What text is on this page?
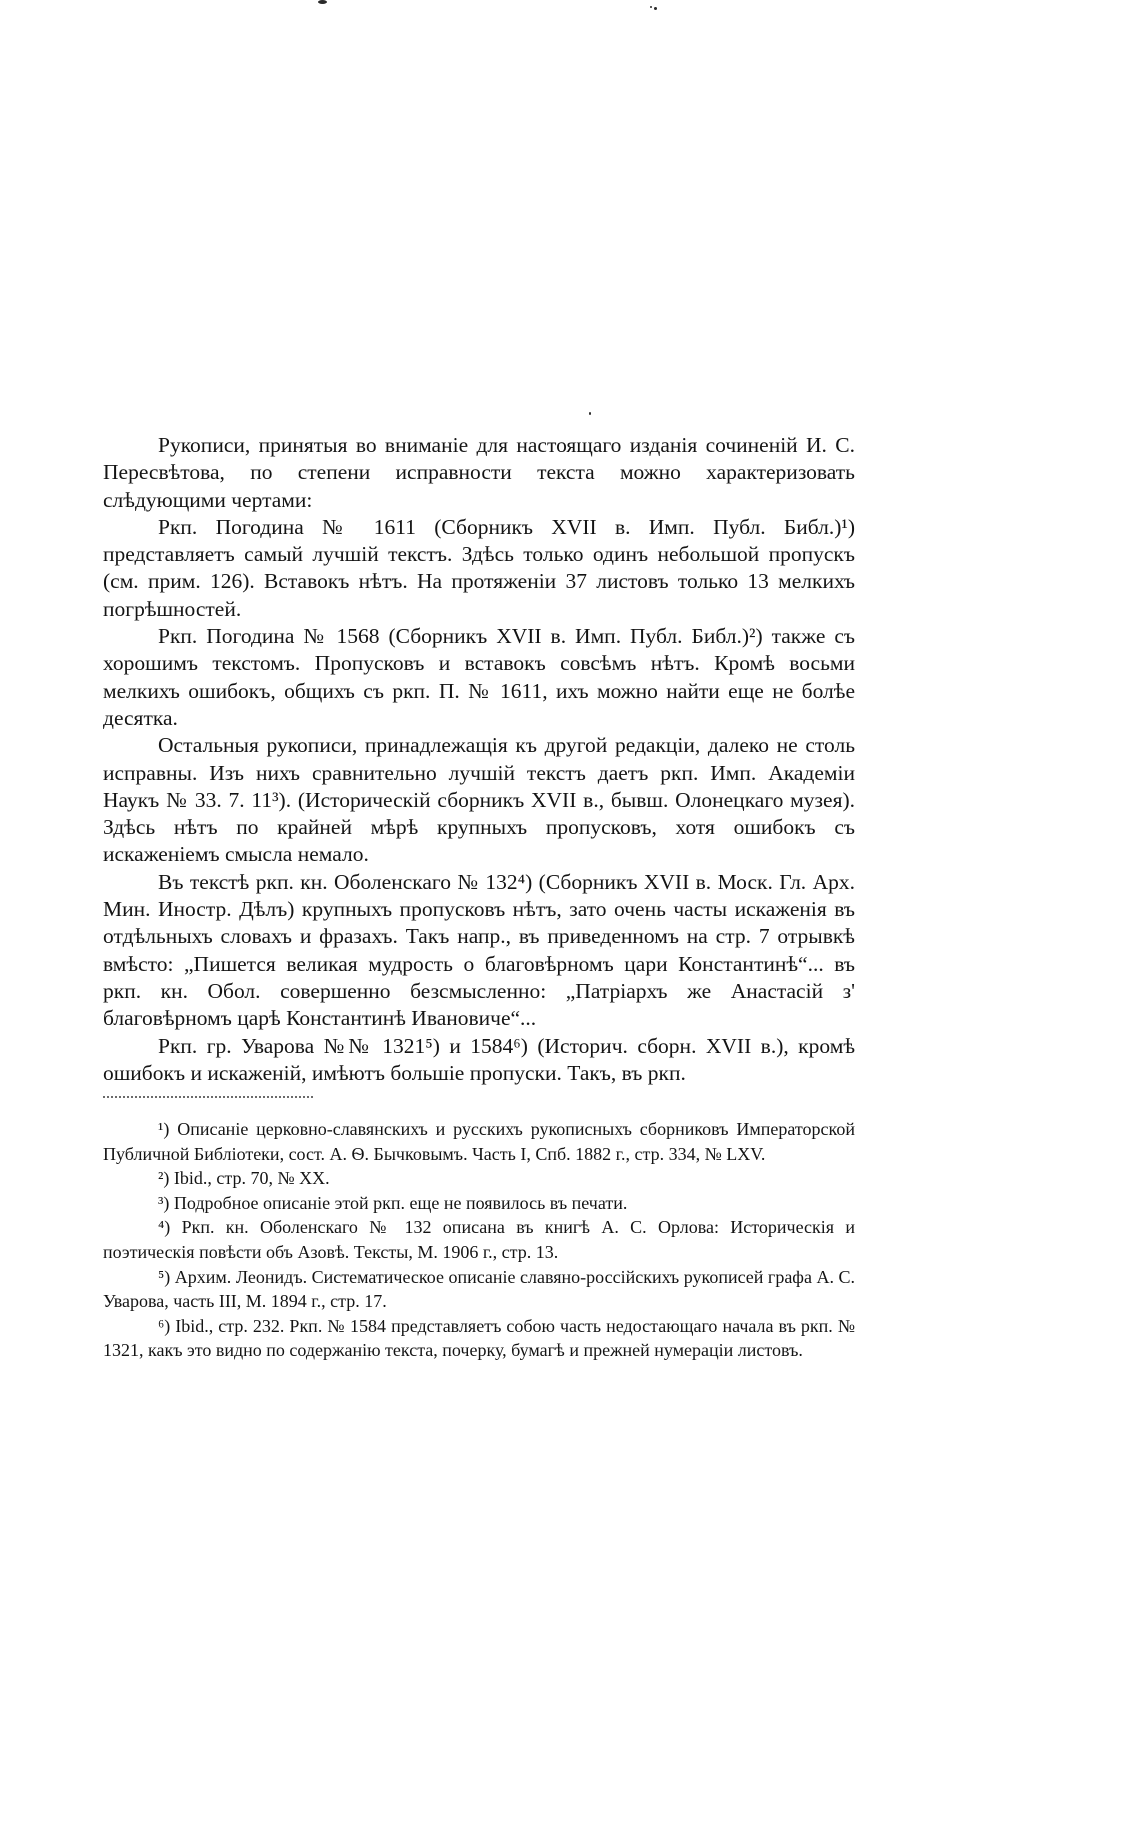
Рукописи, принятыя во вниманіе для настоящаго изданія сочиненій И. С. Пересвѣтова, по степени исправности текста можно характеризовать слѣдующими чертами:

Ркп. Погодина № 1611 (Сборникъ XVII в. Имп. Публ. Библ.)¹) представляетъ самый лучшій текстъ. Здѣсь только одинъ небольшой пропускъ (см. прим. 126). Вставокъ нѣтъ. На протяженіи 37 листовъ только 13 мелкихъ погрѣшностей.

Ркп. Погодина № 1568 (Сборникъ XVII в. Имп. Публ. Библ.)²) также съ хорошимъ текстомъ. Пропусковъ и вставокъ совсѣмъ нѣтъ. Кромѣ восьми мелкихъ ошибокъ, общихъ съ ркп. П. № 1611, ихъ можно найти еще не болѣе десятка.

Остальныя рукописи, принадлежащія къ другой редакціи, далеко не столь исправны. Изъ нихъ сравнительно лучшій текстъ даетъ ркп. Имп. Академіи Наукъ № 33. 7. 11³). (Историческій сборникъ XVII в., бывш. Олонецкаго музея). Здѣсь нѣтъ по крайней мѣрѣ крупныхъ пропусковъ, хотя ошибокъ съ искаженіемъ смысла немало.

Въ текстѣ ркп. кн. Оболенскаго № 132⁴) (Сборникъ XVII в. Моск. Гл. Арх. Мин. Иностр. Дѣлъ) крупныхъ пропусковъ нѣтъ, зато очень часты искаженія въ отдѣльныхъ словахъ и фразахъ. Такъ напр., въ приведенномъ на стр. 7 отрывкѣ вмѣсто: „Пишется великая мудрость о благовѣрномъ цари Константинѣ“... въ ркп. кн. Обол. совершенно безсмысленно: „Патріархъ же Анастасій з' благовѣрномъ царѣ Константинѣ Ивановиче“...

Ркп. гр. Уварова №№ 1321⁵) и 1584⁶) (Историч. сборн. XVII в.), кромѣ ошибокъ и искаженій, имѣютъ большіе пропуски. Такъ, въ ркп.

¹) Описаніе церковно-славянскихъ и русскихъ рукописныхъ сборниковъ Императорской Публичной Библіотеки, сост. А. Ѳ. Бычковымъ. Часть I, Спб. 1882 г., стр. 334, № LXV.

²) Ibid., стр. 70, № XX.

³) Подробное описаніе этой ркп. еще не появилось въ печати.

⁴) Ркп. кн. Оболенскаго № 132 описана въ книгѣ А. С. Орлова: Историческія и поэтическія повѣсти объ Азовѣ. Тексты, М. 1906 г., стр. 13.

⁵) Архим. Леонидъ. Систематическое описаніе славяно-россійскихъ рукописей графа А. С. Уварова, часть III, М. 1894 г., стр. 17.

⁶) Ibid., стр. 232. Ркп. № 1584 представляетъ собою часть недостающаго начала въ ркп. № 1321, какъ это видно по содержанію текста, почерку, бумагѣ и прежней нумераціи листовъ.
